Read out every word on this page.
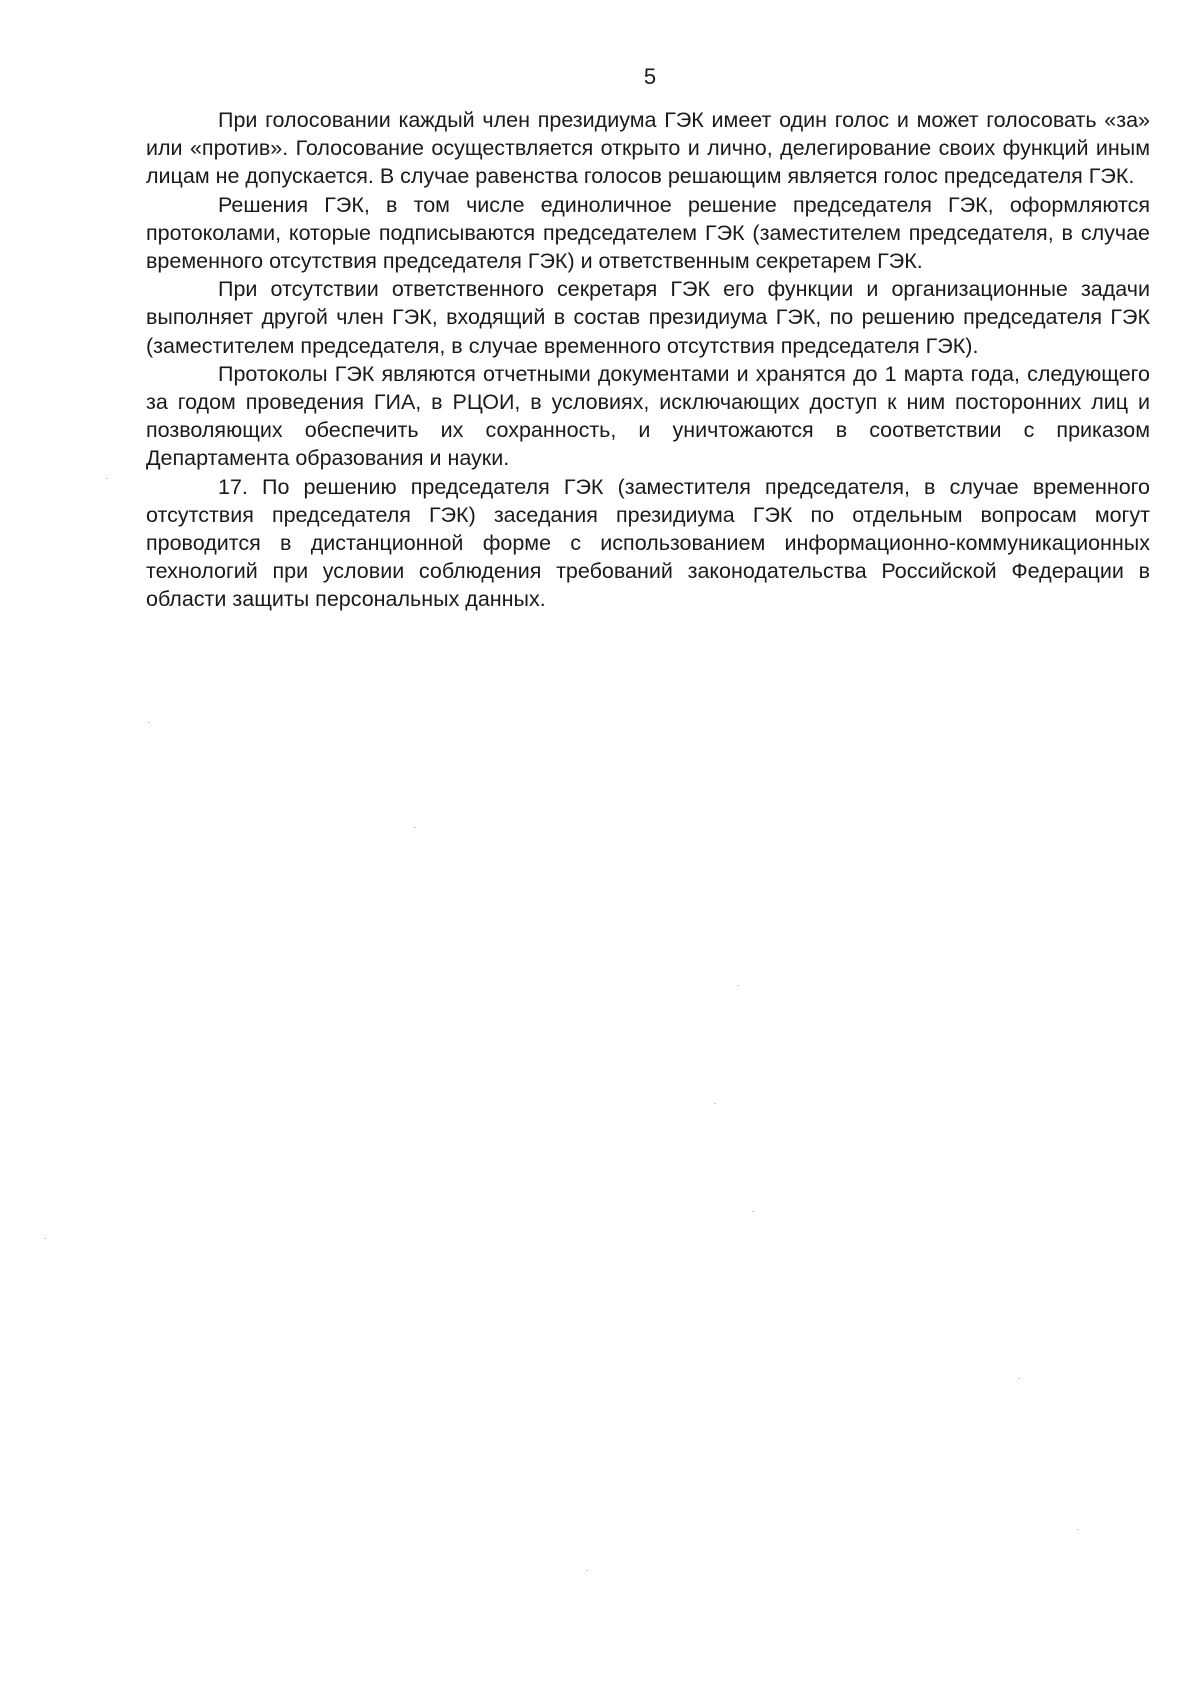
5

При голосовании каждый член президиума ГЭК имеет один голос и может голосовать «за» или «против». Голосование осуществляется открыто и лично, делегирование своих функций иным лицам не допускается. В случае равенства голосов решающим является голос председателя ГЭК.

Решения ГЭК, в том числе единоличное решение председателя ГЭК, оформляются протоколами, которые подписываются председателем ГЭК (заместителем председателя, в случае временного отсутствия председателя ГЭК) и ответственным секретарем ГЭК.

При отсутствии ответственного секретаря ГЭК его функции и организационные задачи выполняет другой член ГЭК, входящий в состав президиума ГЭК, по решению председателя ГЭК (заместителем председателя, в случае временного отсутствия председателя ГЭК).

Протоколы ГЭК являются отчетными документами и хранятся до 1 марта года, следующего за годом проведения ГИА, в РЦОИ, в условиях, исключающих доступ к ним посторонних лиц и позволяющих обеспечить их сохранность, и уничтожаются в соответствии с приказом Департамента образования и науки.

17. По решению председателя ГЭК (заместителя председателя, в случае временного отсутствия председателя ГЭК) заседания президиума ГЭК по отдельным вопросам могут проводится в дистанционной форме с использованием информационно-коммуникационных технологий при условии соблюдения требований законодательства Российской Федерации в области защиты персональных данных.
